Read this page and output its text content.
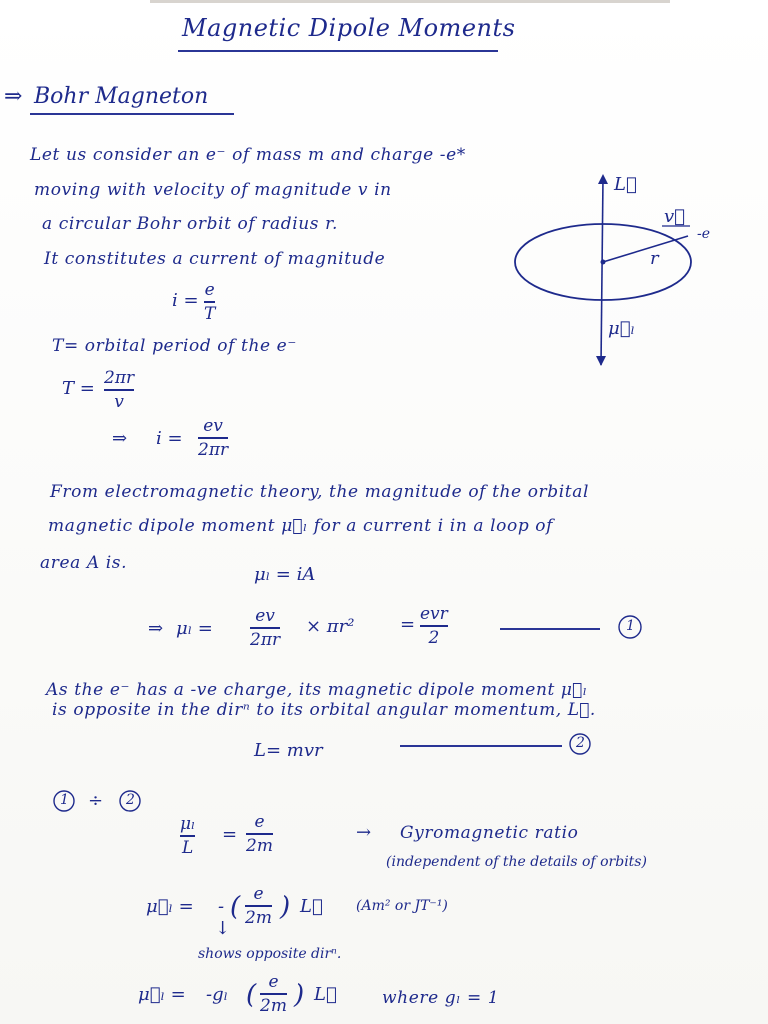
Magnetic Dipole Moments
⇒ Bohr Magneton
Let us consider an e⁻ of mass m and charge -e*
moving with velocity of magnitude v in
a circular Bohr orbit of radius r.
It constitutes a current of magnitude
i = e
T
T= orbital period of the e⁻
T = 2πr
v
⇒ i =
ev
2πr
L⃗
v⃗
-e
r
μ⃗ₗ
From electromagnetic theory, the magnitude of the orbital
magnetic dipole moment μ⃗ₗ for a current i in a loop of
area A is.
μₗ = iA
⇒ μₗ =
ev
2πr
× πr²	= evr
2
1
As the e⁻ has a -ve charge, its magnetic dipole moment μ⃗ₗ
is opposite in the dirⁿ to its orbital angular momentum, L⃗.
L= mvr	2
1 ÷ 2
μₗ
L
=
e
2m
→ Gyromagnetic ratio
(independent of the details of orbits)
μ⃗ₗ = - ( e
2m ) L⃗ (Am² or JT⁻¹)
↓
shows opposite dirⁿ.
μ⃗ₗ = -gₗ ( e
2m ) L⃗	where gₗ = 1
